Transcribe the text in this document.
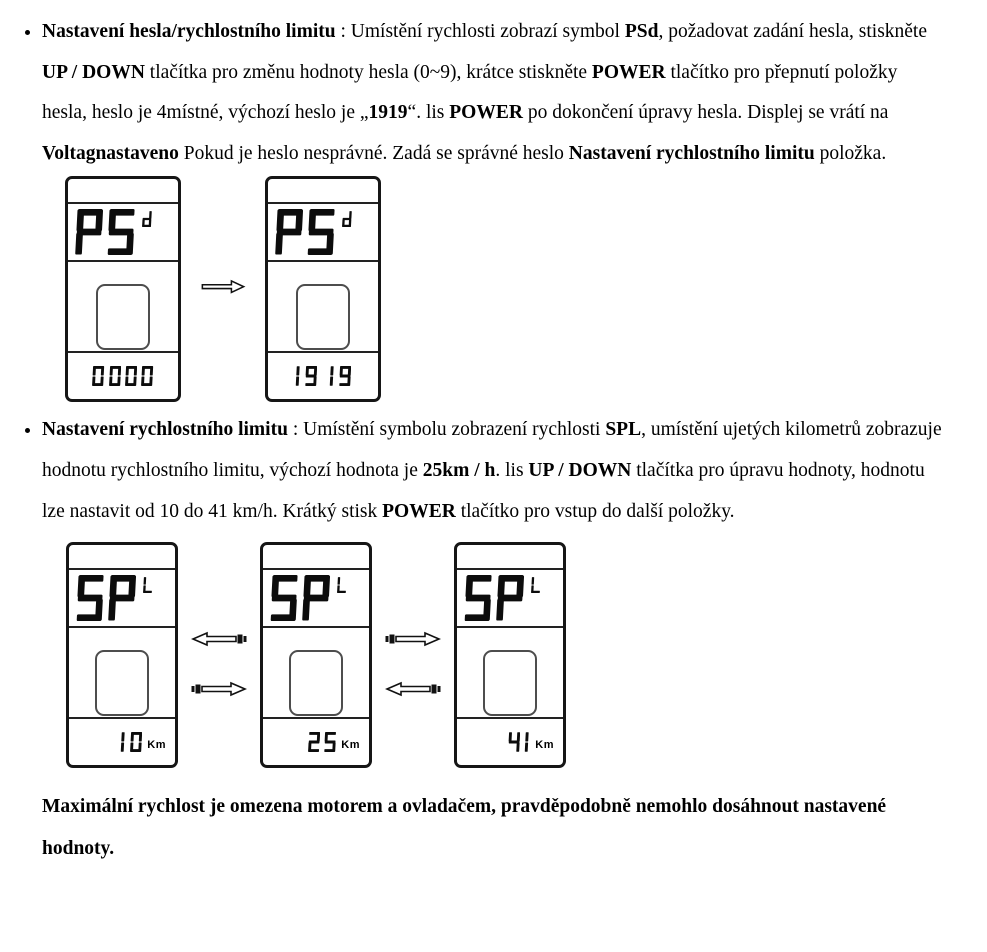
• Nastavení hesla/rychlostního limitu : Umístění rychlosti zobrazí symbol PSd, požadovat zadání hesla, stiskněte UP / DOWN tlačítka pro změnu hodnoty hesla (0~9), krátce stiskněte POWER tlačítko pro přepnutí položky hesla, heslo je 4místné, výchozí heslo je „1919“. lis POWER po dokončení úpravy hesla. Displej se vrátí na Voltagnastaveno Pokud je heslo nesprávné. Zadá se správné heslo Nastavení rychlostního limitu položka.
• Nastavení rychlostního limitu : Umístění symbolu zobrazení rychlosti SPL, umístění ujetých kilometrů zobrazuje hodnotu rychlostního limitu, výchozí hodnota je 25km / h. lis UP / DOWN tlačítka pro úpravu hodnoty, hodnotu lze nastavit od 10 do 41 km/h. Krátký stisk POWER tlačítko pro vstup do další položky.
Km	Km	Km
Maximální rychlost je omezena motorem a ovladačem, pravděpodobně nemohlo dosáhnout nastavené hodnoty.
